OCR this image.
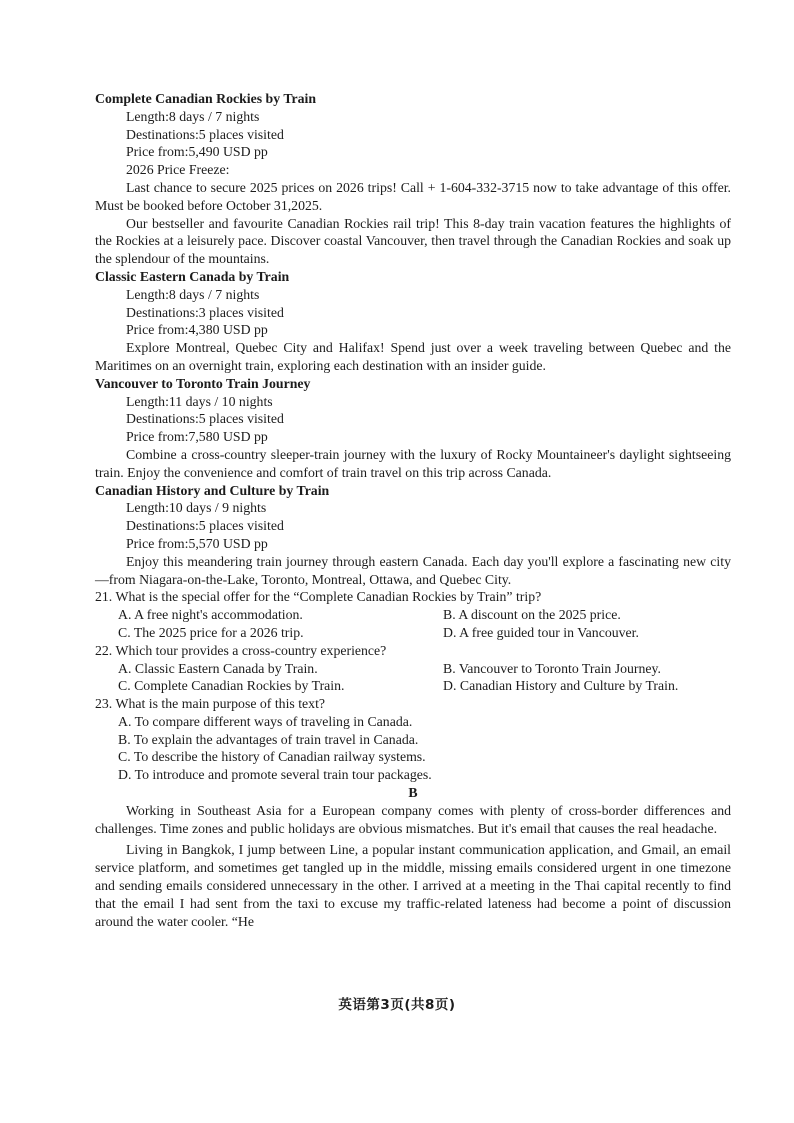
Complete Canadian Rockies by Train
Length:8 days / 7 nights
Destinations:5 places visited
Price from:5,490 USD pp
2026 Price Freeze:

Last chance to secure 2025 prices on 2026 trips! Call + 1-604-332-3715 now to take advantage of this offer. Must be booked before October 31,2025.

Our bestseller and favourite Canadian Rockies rail trip! This 8-day train vacation features the highlights of the Rockies at a leisurely pace. Discover coastal Vancouver, then travel through the Canadian Rockies and soak up the splendour of the mountains.

Classic Eastern Canada by Train
Length:8 days / 7 nights
Destinations:3 places visited
Price from:4,380 USD pp

Explore Montreal, Quebec City and Halifax! Spend just over a week traveling between Quebec and the Maritimes on an overnight train, exploring each destination with an insider guide.

Vancouver to Toronto Train Journey
Length:11 days / 10 nights
Destinations:5 places visited
Price from:7,580 USD pp

Combine a cross-country sleeper-train journey with the luxury of Rocky Mountaineer's daylight sightseeing train. Enjoy the convenience and comfort of train travel on this trip across Canada.

Canadian History and Culture by Train
Length:10 days / 9 nights
Destinations:5 places visited
Price from:5,570 USD pp

Enjoy this meandering train journey through eastern Canada. Each day you'll explore a fascinating new city—from Niagara-on-the-Lake, Toronto, Montreal, Ottawa, and Quebec City.

21. What is the special offer for the “Complete Canadian Rockies by Train” trip?
A. A free night's accommodation.	B. A discount on the 2025 price.
C. The 2025 price for a 2026 trip.	D. A free guided tour in Vancouver.
22. Which tour provides a cross-country experience?
A. Classic Eastern Canada by Train.	B. Vancouver to Toronto Train Journey.
C. Complete Canadian Rockies by Train.	D. Canadian History and Culture by Train.
23. What is the main purpose of this text?
A. To compare different ways of traveling in Canada.
B. To explain the advantages of train travel in Canada.
C. To describe the history of Canadian railway systems.
D. To introduce and promote several train tour packages.
B

Working in Southeast Asia for a European company comes with plenty of cross-border differences and challenges. Time zones and public holidays are obvious mismatches. But it's email that causes the real headache.

Living in Bangkok, I jump between Line, a popular instant communication application, and Gmail, an email service platform, and sometimes get tangled up in the middle, missing emails considered urgent in one timezone and sending emails considered unnecessary in the other. I arrived at a meeting in the Thai capital recently to find that the email I had sent from the taxi to excuse my traffic-related lateness had become a point of discussion around the water cooler. “He

英语第3页(共8页)
